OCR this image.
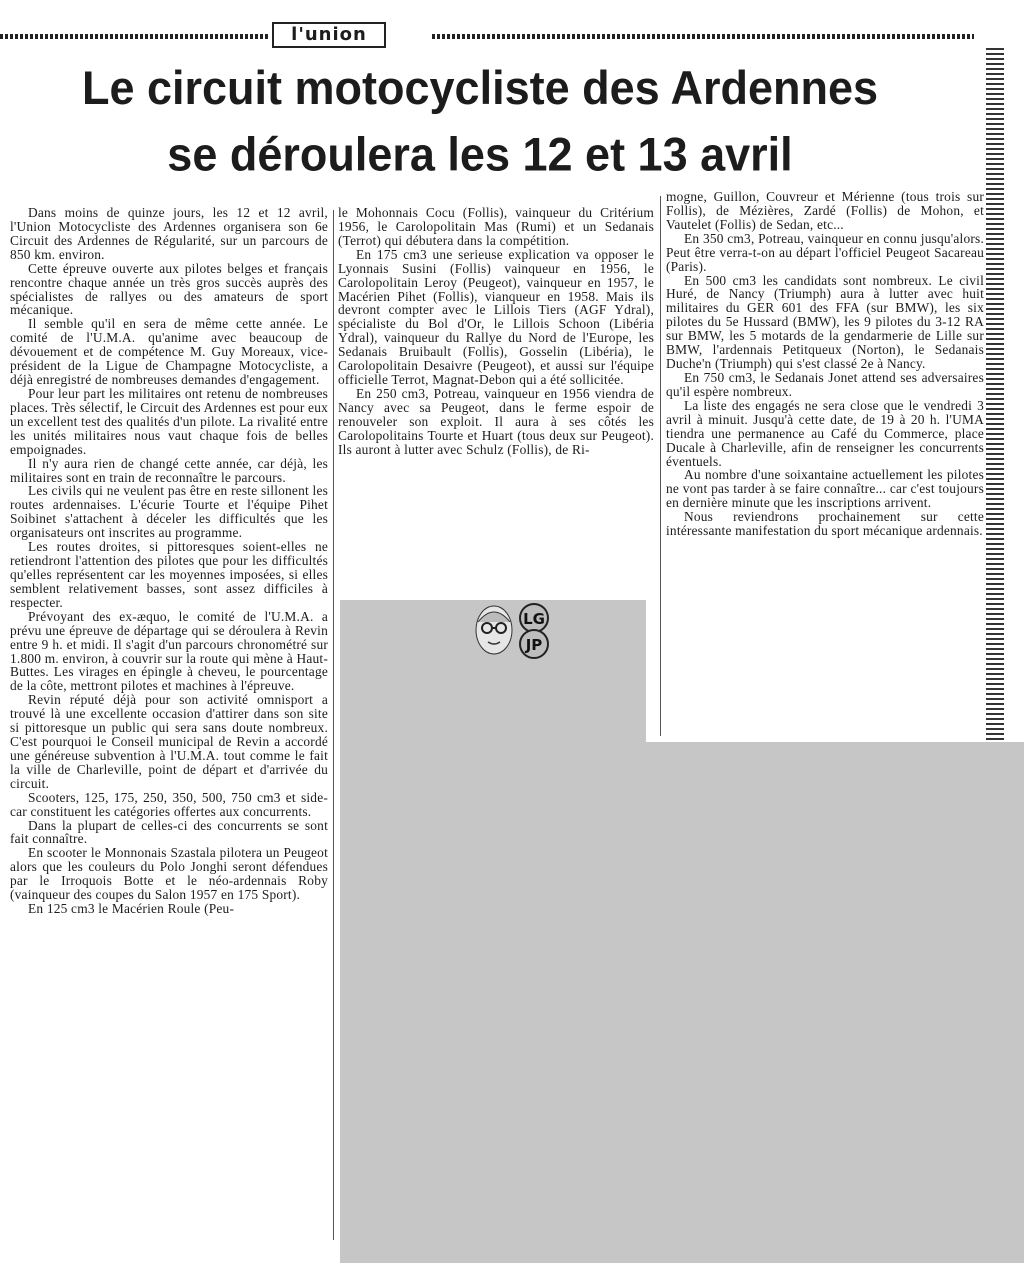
l'union
Le circuit motocycliste des Ardennes
se déroulera les 12 et 13 avril

Dans moins de quinze jours, les 12 et 12 avril, l'Union Motocycliste des Ardennes organisera son 6e Circuit des Ardennes de Régularité, sur un parcours de 850 km. environ.

Cette épreuve ouverte aux pilotes belges et français rencontre chaque année un très gros succès auprès des spécialistes de rallyes ou des amateurs de sport mécanique.

Il semble qu'il en sera de même cette année. Le comité de l'U.M.A. qu'anime avec beaucoup de dévouement et de compétence M. Guy Moreaux, vice-président de la Ligue de Champagne Motocycliste, a déjà enregistré de nombreuses demandes d'engagement.

Pour leur part les militaires ont retenu de nombreuses places. Très sélectif, le Circuit des Ardennes est pour eux un excellent test des qualités d'un pilote. La rivalité entre les unités militaires nous vaut chaque fois de belles empoignades.

Il n'y aura rien de changé cette année, car déjà, les militaires sont en train de reconnaître le parcours.

Les civils qui ne veulent pas être en reste sillonent les routes ardennaises. L'écurie Tourte et l'équipe Pihet Soibinet s'attachent à déceler les difficultés que les organisateurs ont inscrites au programme.

Les routes droites, si pittoresques soient-elles ne retiendront l'attention des pilotes que pour les difficultés qu'elles représentent car les moyennes imposées, si elles semblent relativement basses, sont assez difficiles à respecter.

Prévoyant des ex-æquo, le comité de l'U.M.A. a prévu une épreuve de départage qui se déroulera à Revin entre 9 h. et midi. Il s'agit d'un parcours chronométré sur 1.800 m. environ, à couvrir sur la route qui mène à Haut-Buttes. Les virages en épingle à cheveu, le pourcentage de la côte, mettront pilotes et machines à l'épreuve.

Revin réputé déjà pour son activité omnisport a trouvé là une excellente occasion d'attirer dans son site si pittoresque un public qui sera sans doute nombreux. C'est pourquoi le Conseil municipal de Revin a accordé une généreuse subvention à l'U.M.A. tout comme le fait la ville de Charleville, point de départ et d'arrivée du circuit.

Scooters, 125, 175, 250, 350, 500, 750 cm3 et side-car constituent les catégories offertes aux concurrents.

Dans la plupart de celles-ci des concurrents se sont fait connaître.

En scooter le Monnonais Szastala pilotera un Peugeot alors que les couleurs du Polo Jonghi seront défendues par le Irroquois Botte et le néo-ardennais Roby (vainqueur des coupes du Salon 1957 en 175 Sport).

En 125 cm3 le Macérien Roule (Peu-

le Mohonnais Cocu (Follis), vainqueur du Critérium 1956, le Carolopolitain Mas (Rumi) et un Sedanais (Terrot) qui débutera dans la compétition.

En 175 cm3 une serieuse explication va opposer le Lyonnais Susini (Follis) vainqueur en 1956, le Carolopolitain Leroy (Peugeot), vainqueur en 1957, le Macérien Pihet (Follis), vianqueur en 1958. Mais ils devront compter avec le Lillois Tiers (AGF Ydral), spécialiste du Bol d'Or, le Lillois Schoon (Libéria Ydral), vainqueur du Rallye du Nord de l'Europe, les Sedanais Bruibault (Follis), Gosselin (Libéria), le Carolopolitain Desaivre (Peugeot), et aussi sur l'équipe officielle Terrot, Magnat-Debon qui a été sollicitée.

En 250 cm3, Potreau, vainqueur en 1956 viendra de Nancy avec sa Peugeot, dans le ferme espoir de renouveler son exploit. Il aura à ses côtés les Carolopolitains Tourte et Huart (tous deux sur Peugeot). Ils auront à lutter avec Schulz (Follis), de Ri-

mogne, Guillon, Couvreur et Mérienne (tous trois sur Follis), de Mézières, Zardé (Follis) de Mohon, et Vautelet (Follis) de Sedan, etc...

En 350 cm3, Potreau, vainqueur en connu jusqu'alors. Peut être verra-t-on au départ l'officiel Peugeot Sacareau (Paris).

En 500 cm3 les candidats sont nombreux. Le civil Huré, de Nancy (Triumph) aura à lutter avec huit militaires du GER 601 des FFA (sur BMW), les six pilotes du 5e Hussard (BMW), les 9 pilotes du 3-12 RA sur BMW, les 5 motards de la gendarmerie de Lille sur BMW, l'ardennais Petitqueux (Norton), le Sedanais Duche'n (Triumph) qui s'est classé 2e à Nancy.

En 750 cm3, le Sedanais Jonet attend ses adversaires qu'il espère nombreux.

La liste des engagés ne sera close que le vendredi 3 avril à minuit. Jusqu'à cette date, de 19 à 20 h. l'UMA tiendra une permanence au Café du Commerce, place Ducale à Charleville, afin de renseigner les concurrents éventuels.

Au nombre d'une soixantaine actuellement les pilotes ne vont pas tarder à se faire connaître... car c'est toujours en dernière minute que les inscriptions arrivent.

Nous reviendrons prochainement sur cette intéressante manifestation du sport mécanique ardennais.

LG
JP
